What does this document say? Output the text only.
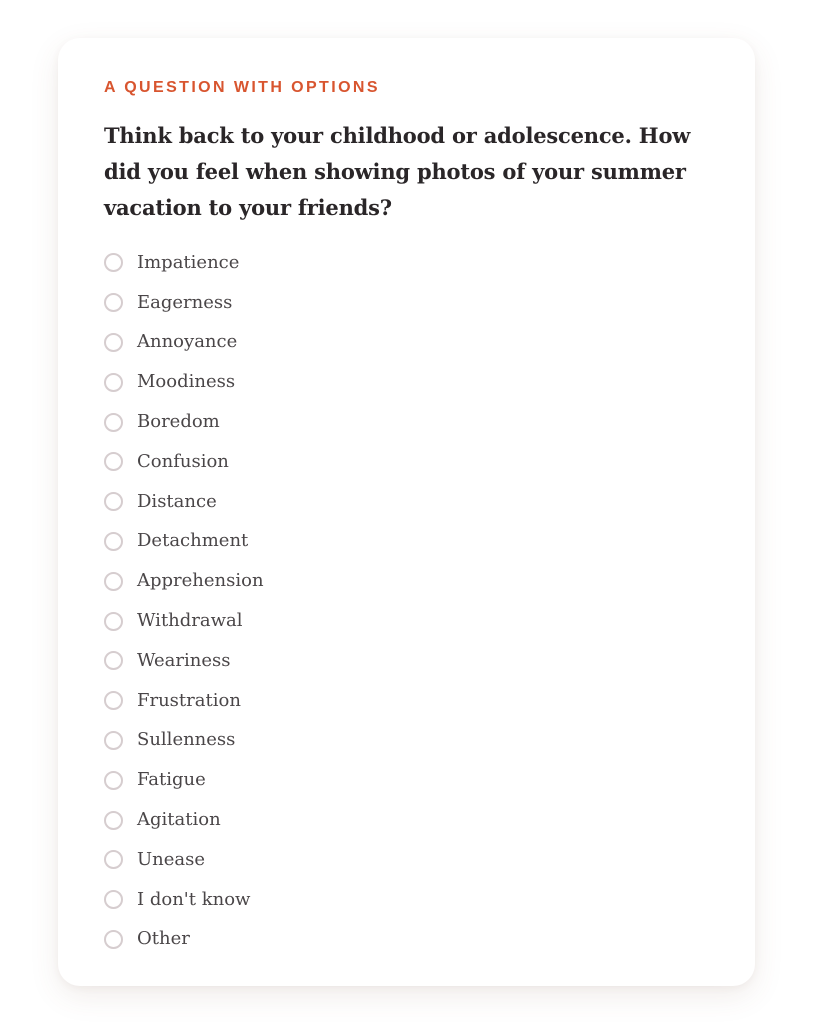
A QUESTION WITH OPTIONS
Think back to your childhood or adolescence. How did you feel when showing photos of your summer vacation to your friends?
Impatience
Eagerness
Annoyance
Moodiness
Boredom
Confusion
Distance
Detachment
Apprehension
Withdrawal
Weariness
Frustration
Sullenness
Fatigue
Agitation
Unease
I don't know
Other
